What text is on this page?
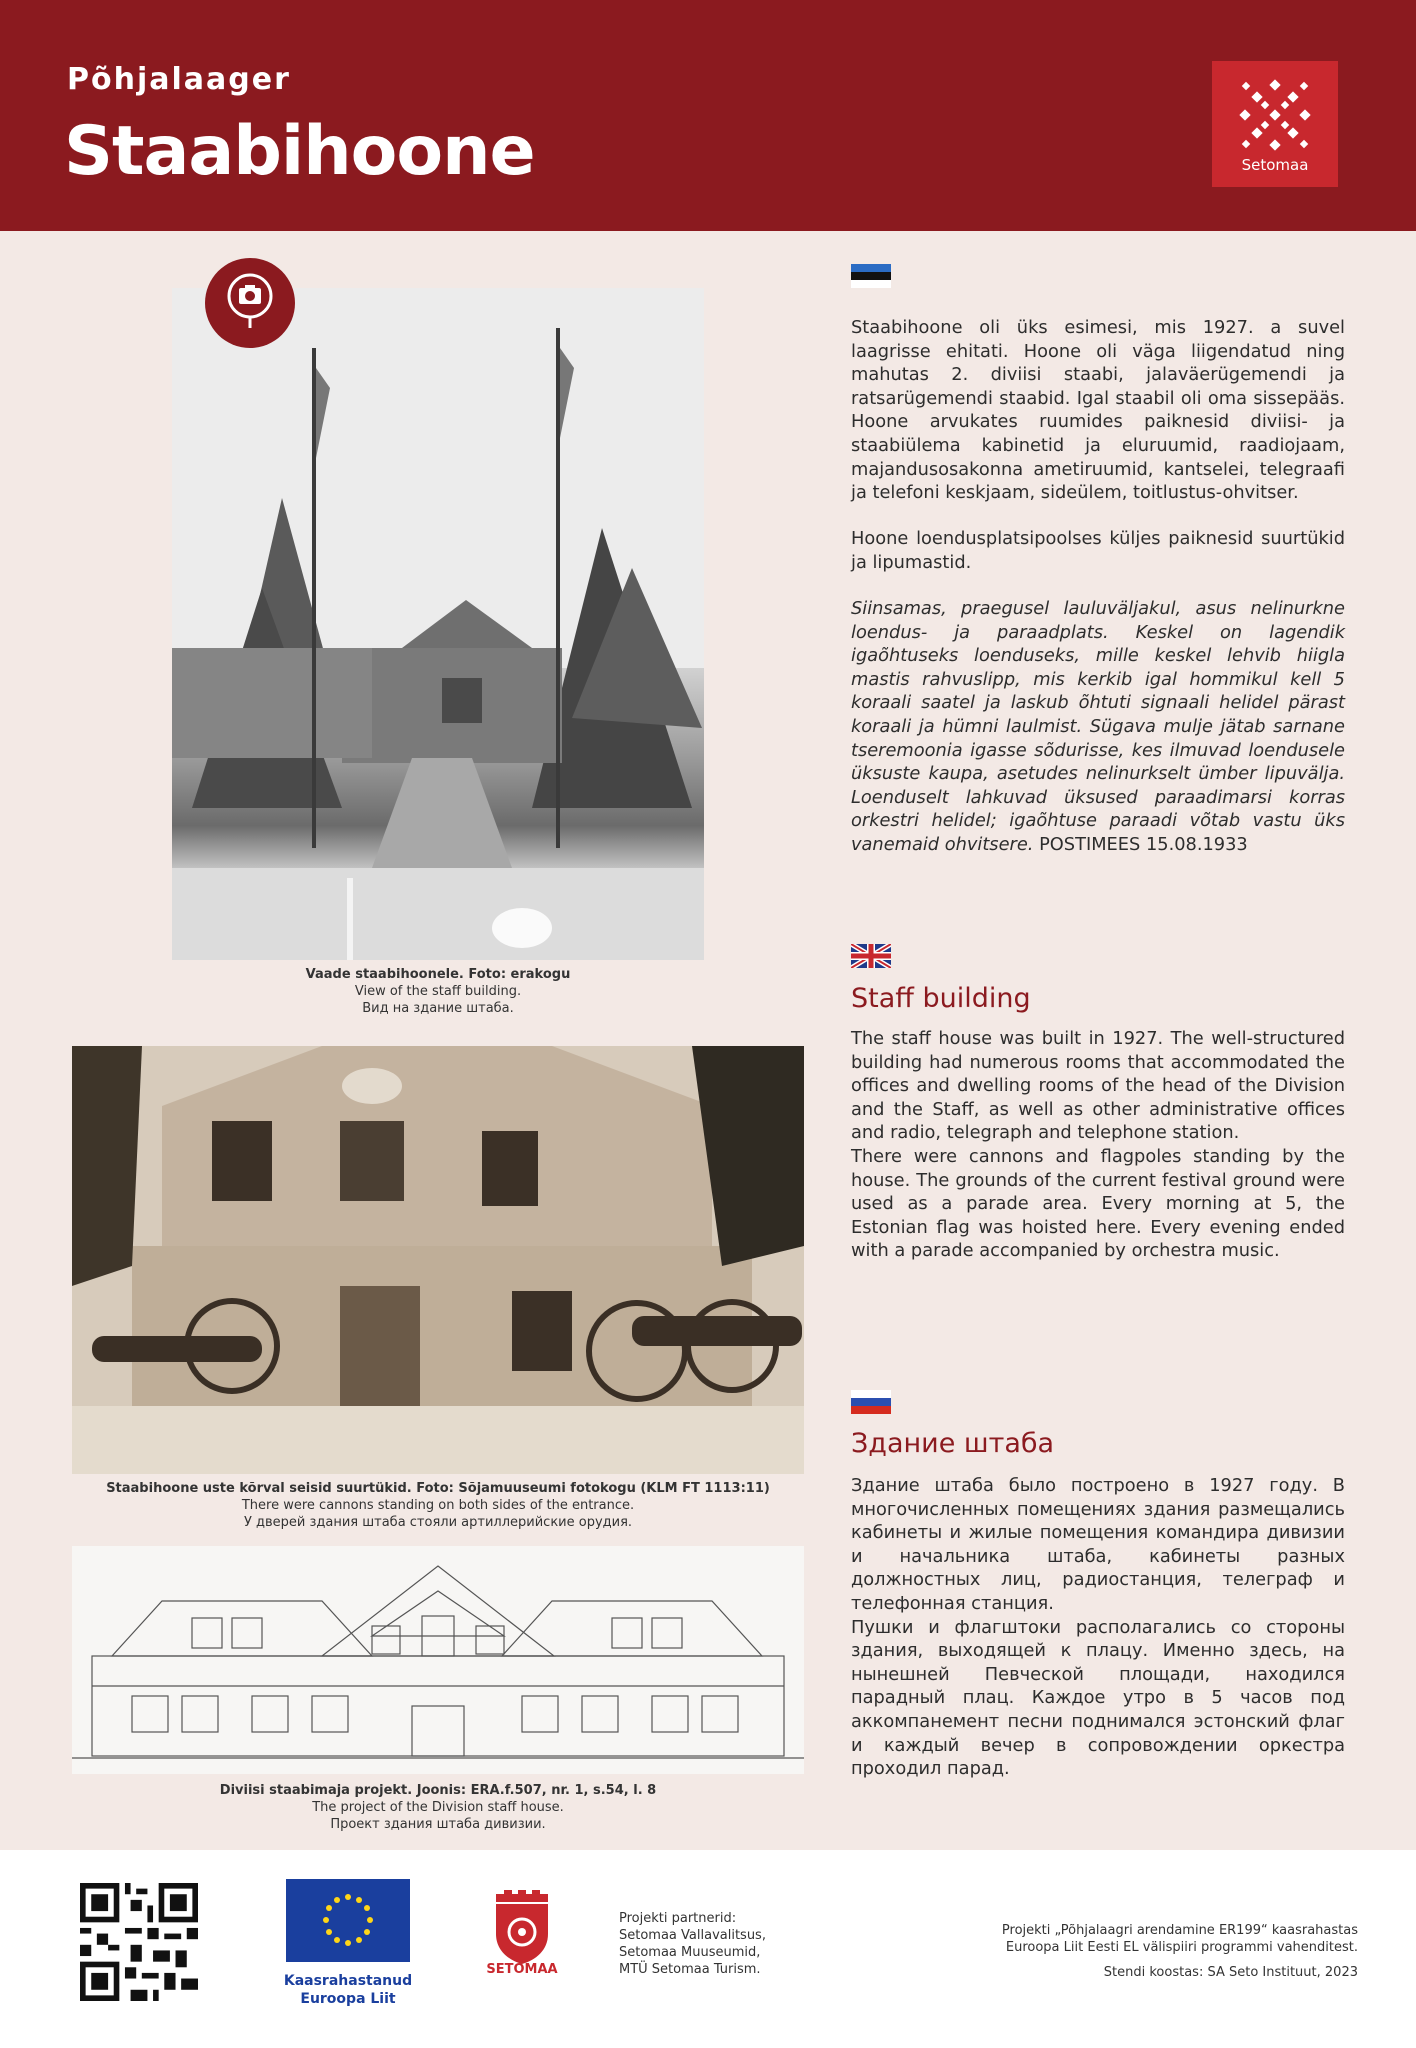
Põhjalaager
Staabihoone	Setomaa
Vaade staabihoonele. Foto: erakogu
View of the staff building.
Вид на здание штаба.
Staabihoone uste kõrval seisid suurtükid. Foto: Sõjamuuseumi fotokogu (KLM FT 1113:11)
There were cannons standing on both sides of the entrance.
У дверей здания штаба стояли артиллерийские орудия.
Diviisi staabimaja projekt. Joonis: ERA.f.507, nr. 1, s.54, l. 8
The project of the Division staff house.
Проект здания штаба дивизии.
Staabihoone oli üks esimesi, mis 1927. a suvel laagrisse ehitati. Hoone oli väga liigendatud ning mahutas 2. diviisi staabi, jalaväerügemendi ja ratsarügemendi staabid. Igal staabil oli oma sissepääs. Hoone arvukates ruumides paiknesid diviisi- ja staabiülema kabinetid ja eluruumid, raadiojaam, majandusosakonna ametiruumid, kantselei, telegraafi ja telefoni keskjaam, sideülem, toitlustus-ohvitser.
Hoone loendusplatsipoolses küljes paiknesid suurtükid ja lipumastid.
Siinsamas, praegusel lauluväljakul, asus nelinurkne loendus- ja paraadplats. Keskel on lagendik igaõhtuseks loenduseks, mille keskel lehvib hiigla mastis rahvuslipp, mis kerkib igal hommikul kell 5 koraali saatel ja laskub õhtuti signaali helidel pärast koraali ja hümni laulmist. Sügava mulje jätab sarnane tseremoonia igasse sõdurisse, kes ilmuvad loendusele üksuste kaupa, asetudes nelinurkselt ümber lipuvälja. Loenduselt lahkuvad üksused paraadimarsi korras orkestri helidel; igaõhtuse paraadi võtab vastu üks vanemaid ohvitsere. POSTIMEES 15.08.1933
Staff building

The staff house was built in 1927. The well-structured building had numerous rooms that accommodated the offices and dwelling rooms of the head of the Division and the Staff, as well as other administrative offices and radio, telegraph and telephone station.

There were cannons and flagpoles standing by the house. The grounds of the current festival ground were used as a parade area. Every morning at 5, the Estonian flag was hoisted here. Every evening ended with a parade accompanied by orchestra music.

Здание штаба

Здание штаба было построено в 1927 году. В многочисленных помещениях здания размещались кабинеты и жилые помещения командира дивизии и начальника штаба, кабинеты разных должностных лиц, радиостанция, телеграф и телефонная станция.

Пушки и флагштоки располагались со стороны здания, выходящей к плацу. Именно здесь, на нынешней Певческой площади, находился парадный плац. Каждое утро в 5 часов под аккомпанемент песни поднимался эстонский флаг и каждый вечер в сопровождении оркестра проходил парад.

Kaasrahastanud
Euroopa Liit
SETOMAA
Projekti partnerid:
Setomaa Vallavalitsus,
Setomaa Muuseumid,
MTÜ Setomaa Turism.
Projekti „Põhjalaagri arendamine ER199“ kaasrahastas
Euroopa Liit Eesti EL välispiiri programmi vahenditest.
Stendi koostas: SA Seto Instituut, 2023
